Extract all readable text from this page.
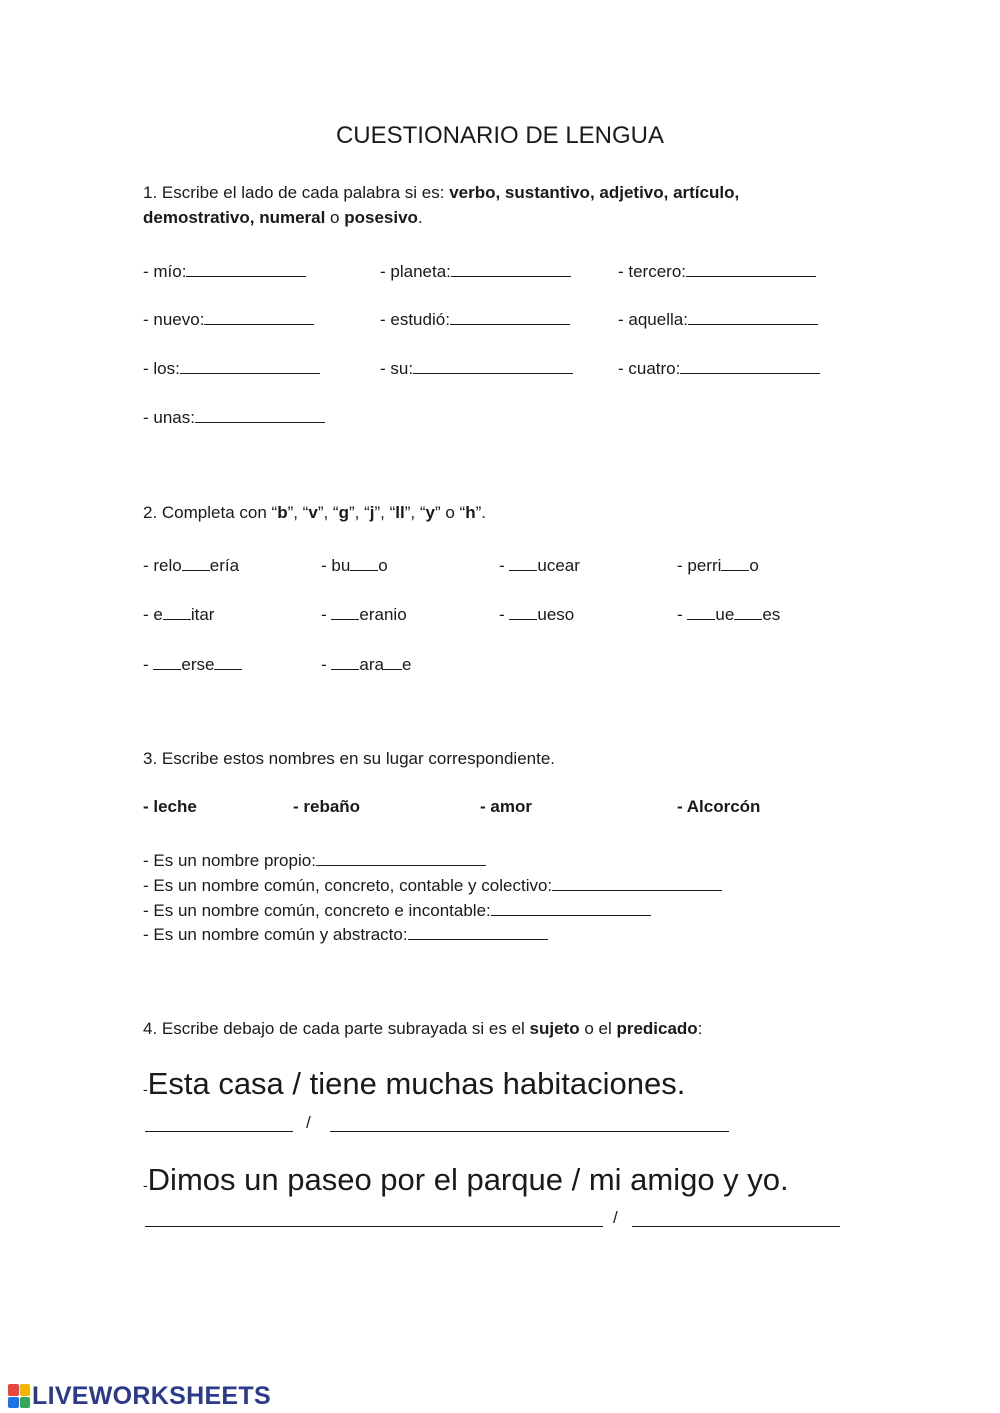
CUESTIONARIO DE LENGUA
1. Escribe el lado de cada palabra si es: verbo, sustantivo, adjetivo, artículo,
demostrativo, numeral o posesivo.
- mío:	- planeta:	- tercero:
- nuevo:	- estudió:	- aquella:
- los:	- su:	- cuatro:
- unas:
2. Completa con “b”, “v”, “g”, “j”, “ll”, “y” o “h”.
- relo ería	- bu o	- ucear	- perri o
- e itar	- eranio	- ueso	- ue es
- erse	- ara e
3. Escribe estos nombres en su lugar correspondiente.
- leche	- rebaño	- amor	- Alcorcón
- Es un nombre propio:
- Es un nombre común, concreto, contable y colectivo:
- Es un nombre común, concreto e incontable:
- Es un nombre común y abstracto:
4. Escribe debajo de cada parte subrayada si es el sujeto o el predicado:
-Esta casa / tiene muchas habitaciones.
/
-Dimos un paseo por el parque / mi amigo y yo.
/
LIVEWORKSHEETS
